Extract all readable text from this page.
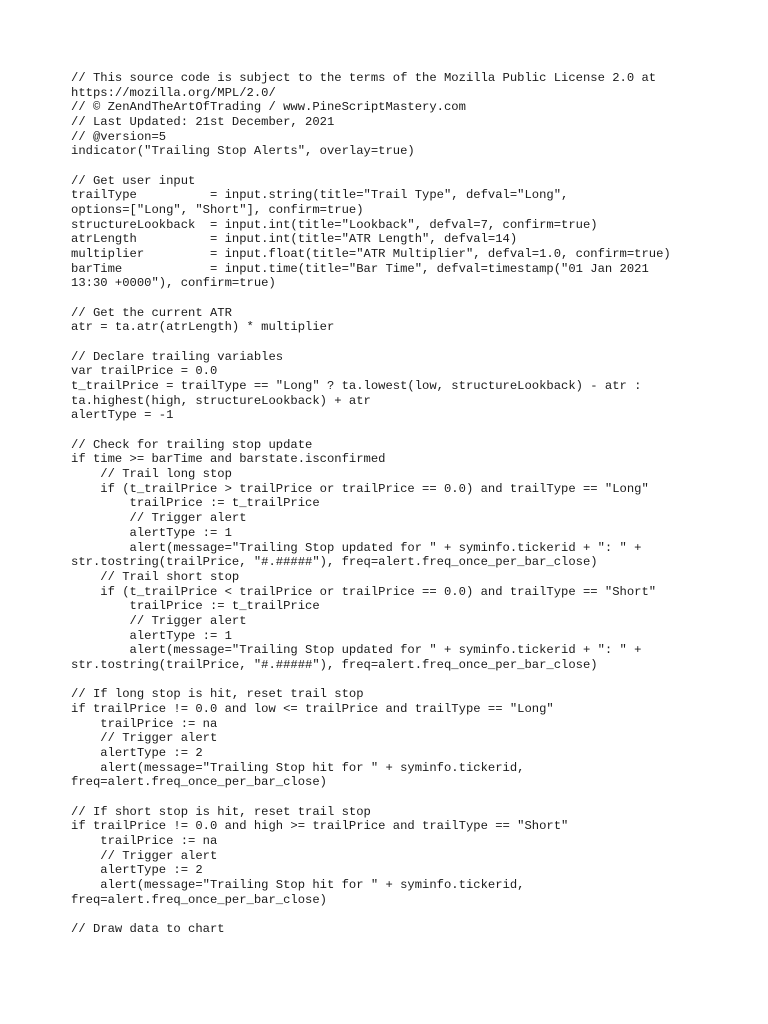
// This source code is subject to the terms of the Mozilla Public License 2.0 at
https://mozilla.org/MPL/2.0/
// © ZenAndTheArtOfTrading / www.PineScriptMastery.com
// Last Updated: 21st December, 2021
// @version=5
indicator("Trailing Stop Alerts", overlay=true)
// Get user input
trailType          = input.string(title="Trail Type", defval="Long",
options=["Long", "Short"], confirm=true)
structureLookback  = input.int(title="Lookback", defval=7, confirm=true)
atrLength          = input.int(title="ATR Length", defval=14)
multiplier         = input.float(title="ATR Multiplier", defval=1.0, confirm=true)
barTime            = input.time(title="Bar Time", defval=timestamp("01 Jan 2021
13:30 +0000"), confirm=true)
// Get the current ATR
atr = ta.atr(atrLength) * multiplier
// Declare trailing variables
var trailPrice = 0.0
t_trailPrice = trailType == "Long" ? ta.lowest(low, structureLookback) - atr :
ta.highest(high, structureLookback) + atr
alertType = -1
// Check for trailing stop update
if time >= barTime and barstate.isconfirmed
// Trail long stop
if (t_trailPrice > trailPrice or trailPrice == 0.0) and trailType == "Long"
trailPrice := t_trailPrice
// Trigger alert
alertType := 1
alert(message="Trailing Stop updated for " + syminfo.tickerid + ": " +
str.tostring(trailPrice, "#.#####"), freq=alert.freq_once_per_bar_close)
// Trail short stop
if (t_trailPrice < trailPrice or trailPrice == 0.0) and trailType == "Short"
trailPrice := t_trailPrice
// Trigger alert
alertType := 1
alert(message="Trailing Stop updated for " + syminfo.tickerid + ": " +
str.tostring(trailPrice, "#.#####"), freq=alert.freq_once_per_bar_close)
// If long stop is hit, reset trail stop
if trailPrice != 0.0 and low <= trailPrice and trailType == "Long"
trailPrice := na
// Trigger alert
alertType := 2
alert(message="Trailing Stop hit for " + syminfo.tickerid,
freq=alert.freq_once_per_bar_close)
// If short stop is hit, reset trail stop
if trailPrice != 0.0 and high >= trailPrice and trailType == "Short"
trailPrice := na
// Trigger alert
alertType := 2
alert(message="Trailing Stop hit for " + syminfo.tickerid,
freq=alert.freq_once_per_bar_close)
// Draw data to chart
